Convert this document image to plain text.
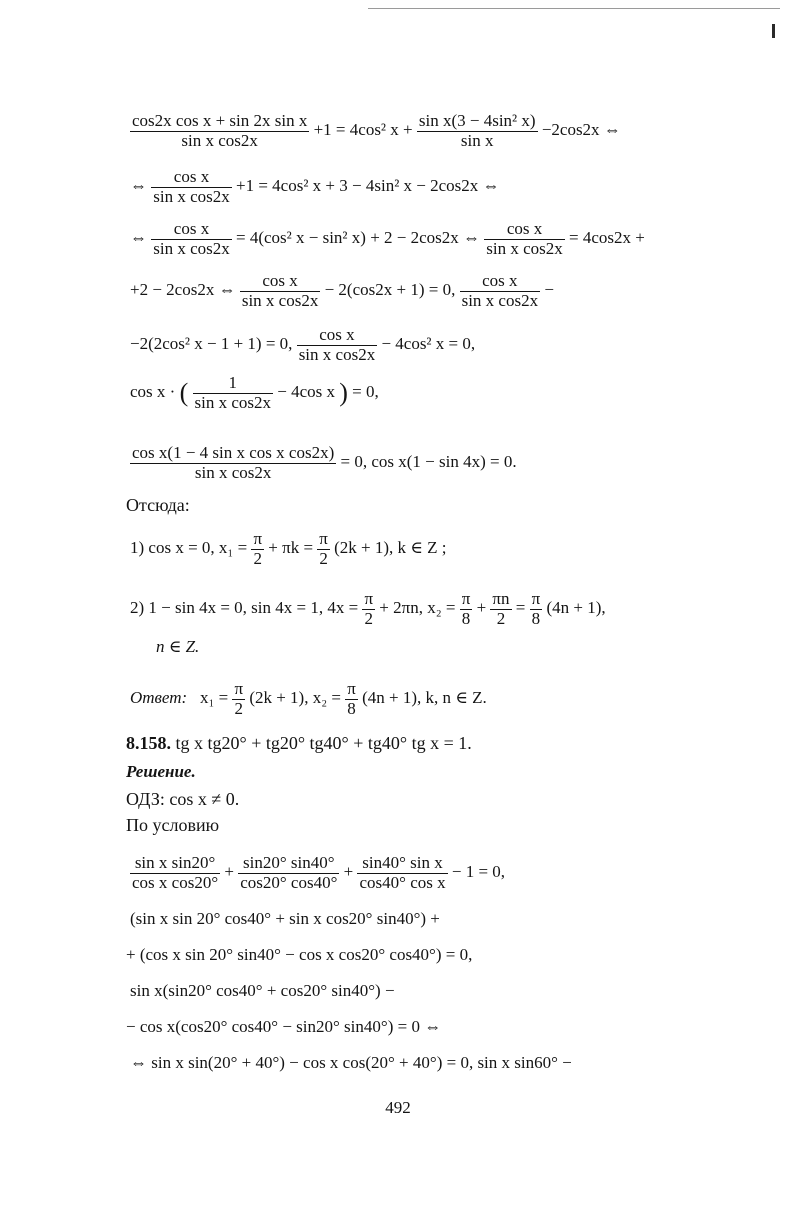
$\frac{\text{cos2x cos x + sin 2x sin x}}{\text{sin x cos2x}} +1 = 4\cos^2$ $x + \frac{\text{sin x(3 − 4sin² x)}}{\text{sin x}} -2\cos 2x$ ⇔
⇔ $\frac{\text{cos x}}{\text{sin x cos2x}} +1 = 4\cos^2$ x + 3 − 4sin² x − 2cos2x ⇔
⇔ $\frac{\text{cos x}}{\text{sin x cos2x}} = 4(\cos^2$ x − sin² x) + 2 − 2cos2x ⇔ $\frac{\text{cos x}}{\text{sin x cos2x}} = 4\cos 2x$ +
+2 − 2cos2x ⇔ $\frac{\text{cos x}}{\text{sin x cos2x}} - 2(\cos 2x + 1) = 0$, $\frac{\text{cos x}}{\text{sin x cos2x}}$ −
−2(2cos² x − 1 + 1) = 0, $\frac{\text{cos x}}{\text{sin x cos2x}} - 4\cos^2$ x = 0,
cos x · ( $\frac{1}{\text{sin x cos2x}} - 4\cos$ x ) = 0,
$\frac{\text{cos x(1 − 4 sin x cos x cos2x)}}{\text{sin x cos2x}} = 0$, cos x(1 − sin 4x) = 0.
Отсюда:
1) cos x = 0, $x_1 = \frac{\pi}{2} + \pi k = \frac{\pi}{2} (2k + 1)$, k ∈ Z ;
2) 1 − sin 4x = 0, sin 4x = 1, $4x = \frac{\pi}{2} + 2\pi n$, $x_2 = \frac{\pi}{8} + \frac{\pi n}{2} = \frac{\pi}{8} (4n + 1)$,
n ∈ Z.
Ответ: $x_1 = \frac{\pi}{2} (2k + 1)$, $x_2 = \frac{\pi}{8} (4n + 1)$, k, n ∈ Z.
8.158. tg x tg20° + tg20° tg40° + tg40° tg x = 1.
Решение.
ОДЗ: cos x ≠ 0.
По условию
$\frac{\text{sin x sin20°}}{\text{cos x cos20°}} + \frac{\sin 20^\circ \sin 40^\circ}{\cos 20^\circ \cos 40^\circ} + \frac{\text{sin40° sin x}}{\text{cos40° cos x}} - 1 = 0$,
(sin x sin 20° cos40° + sin x cos20° sin40°) +
+ (cos x sin 20° sin40° − cos x cos20° cos40°) = 0,
sin x(sin20° cos40° + cos20° sin40°) −
− cos x(cos20° cos40° − sin20° sin40°) = 0 ⇔
⇔ sin x sin(20° + 40°) − cos x cos(20° + 40°) = 0, sin x sin60° −
492
